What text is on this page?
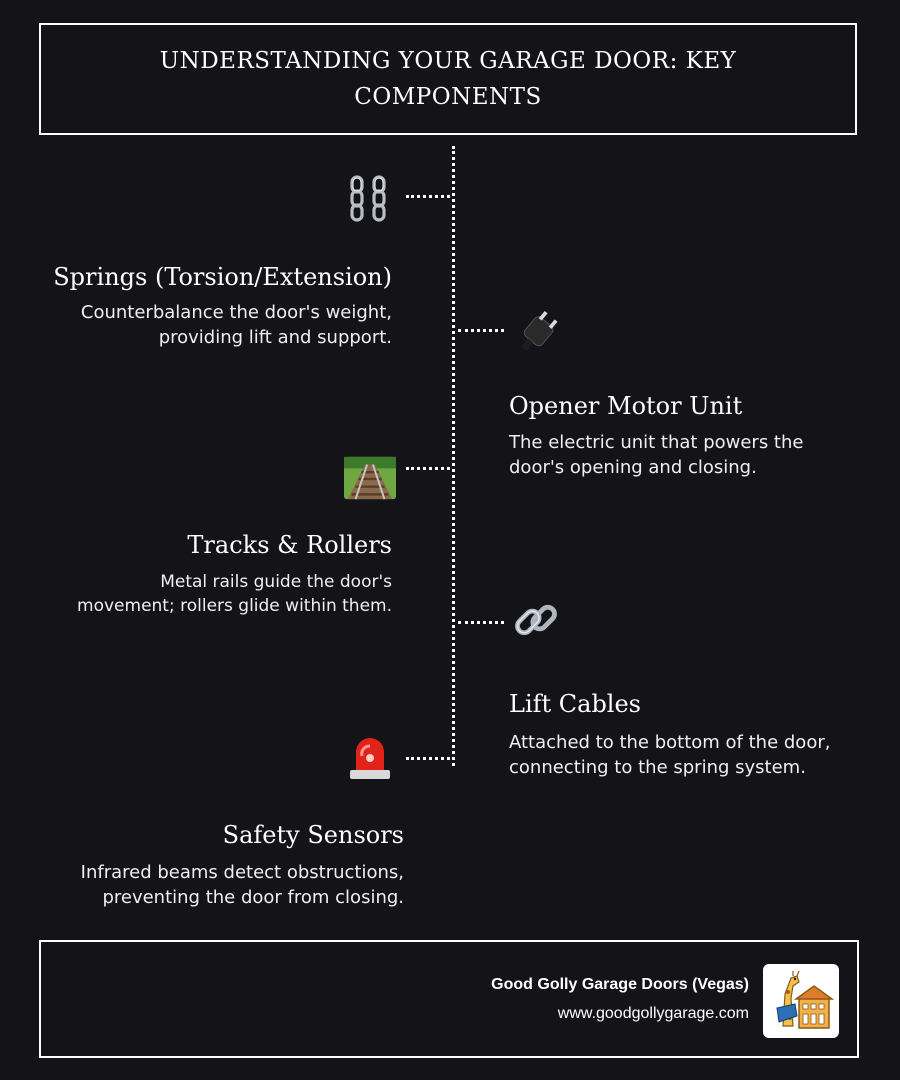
UNDERSTANDING YOUR GARAGE DOOR: KEY COMPONENTS
Springs (Torsion/Extension)
Counterbalance the door's weight,
providing lift and support.
Opener Motor Unit
The electric unit that powers the
door's opening and closing.
Tracks & Rollers
Metal rails guide the door's
movement; rollers glide within them.
Lift Cables
Attached to the bottom of the door,
connecting to the spring system.
Safety Sensors
Infrared beams detect obstructions,
preventing the door from closing.
Good Golly Garage Doors (Vegas)
www.goodgollygarage.com
